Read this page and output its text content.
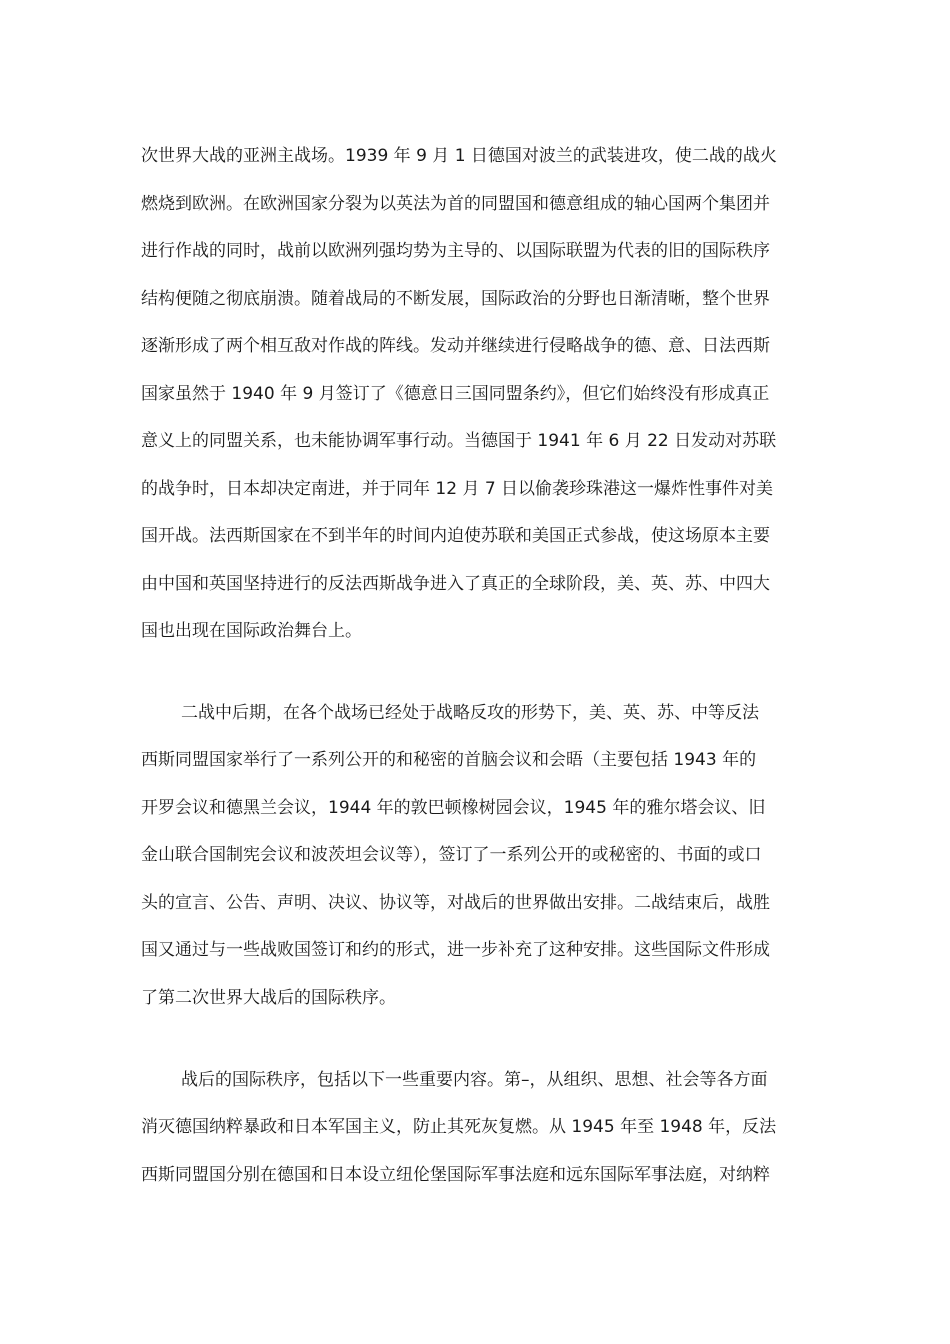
次世界大战的亚洲主战场。1939 年 9 月 1 日德国对波兰的武装进攻，使二战的战火
燃烧到欧洲。在欧洲国家分裂为以英法为首的同盟国和德意组成的轴心国两个集团并
进行作战的同时，战前以欧洲列强均势为主导的、以国际联盟为代表的旧的国际秩序
结构便随之彻底崩溃。随着战局的不断发展，国际政治的分野也日渐清晰，整个世界
逐渐形成了两个相互敌对作战的阵线。发动并继续进行侵略战争的德、意、日法西斯
国家虽然于 1940 年 9 月签订了《德意日三国同盟条约》，但它们始终没有形成真正
意义上的同盟关系，也未能协调军事行动。当德国于 1941 年 6 月 22 日发动对苏联
的战争时，日本却决定南进，并于同年 12 月 7 日以偷袭珍珠港这一爆炸性事件对美
国开战。法西斯国家在不到半年的时间内迫使苏联和美国正式参战，使这场原本主要
由中国和英国坚持进行的反法西斯战争进入了真正的全球阶段，美、英、苏、中四大
国也出现在国际政治舞台上。
二战中后期，在各个战场已经处于战略反攻的形势下，美、英、苏、中等反法
西斯同盟国家举行了一系列公开的和秘密的首脑会议和会晤（主要包括 1943 年的
开罗会议和德黑兰会议，1944 年的敦巴顿橡树园会议，1945 年的雅尔塔会议、旧
金山联合国制宪会议和波茨坦会议等），签订了一系列公开的或秘密的、书面的或口
头的宣言、公告、声明、决议、协议等，对战后的世界做出安排。二战结束后，战胜
国又通过与一些战败国签订和约的形式，进一步补充了这种安排。这些国际文件形成
了第二次世界大战后的国际秩序。
战后的国际秩序，包括以下一些重要内容。第–，从组织、思想、社会等各方面
消灭德国纳粹暴政和日本军国主义，防止其死灰复燃。从 1945 年至 1948 年，反法
西斯同盟国分别在德国和日本设立纽伦堡国际军事法庭和远东国际军事法庭，对纳粹
